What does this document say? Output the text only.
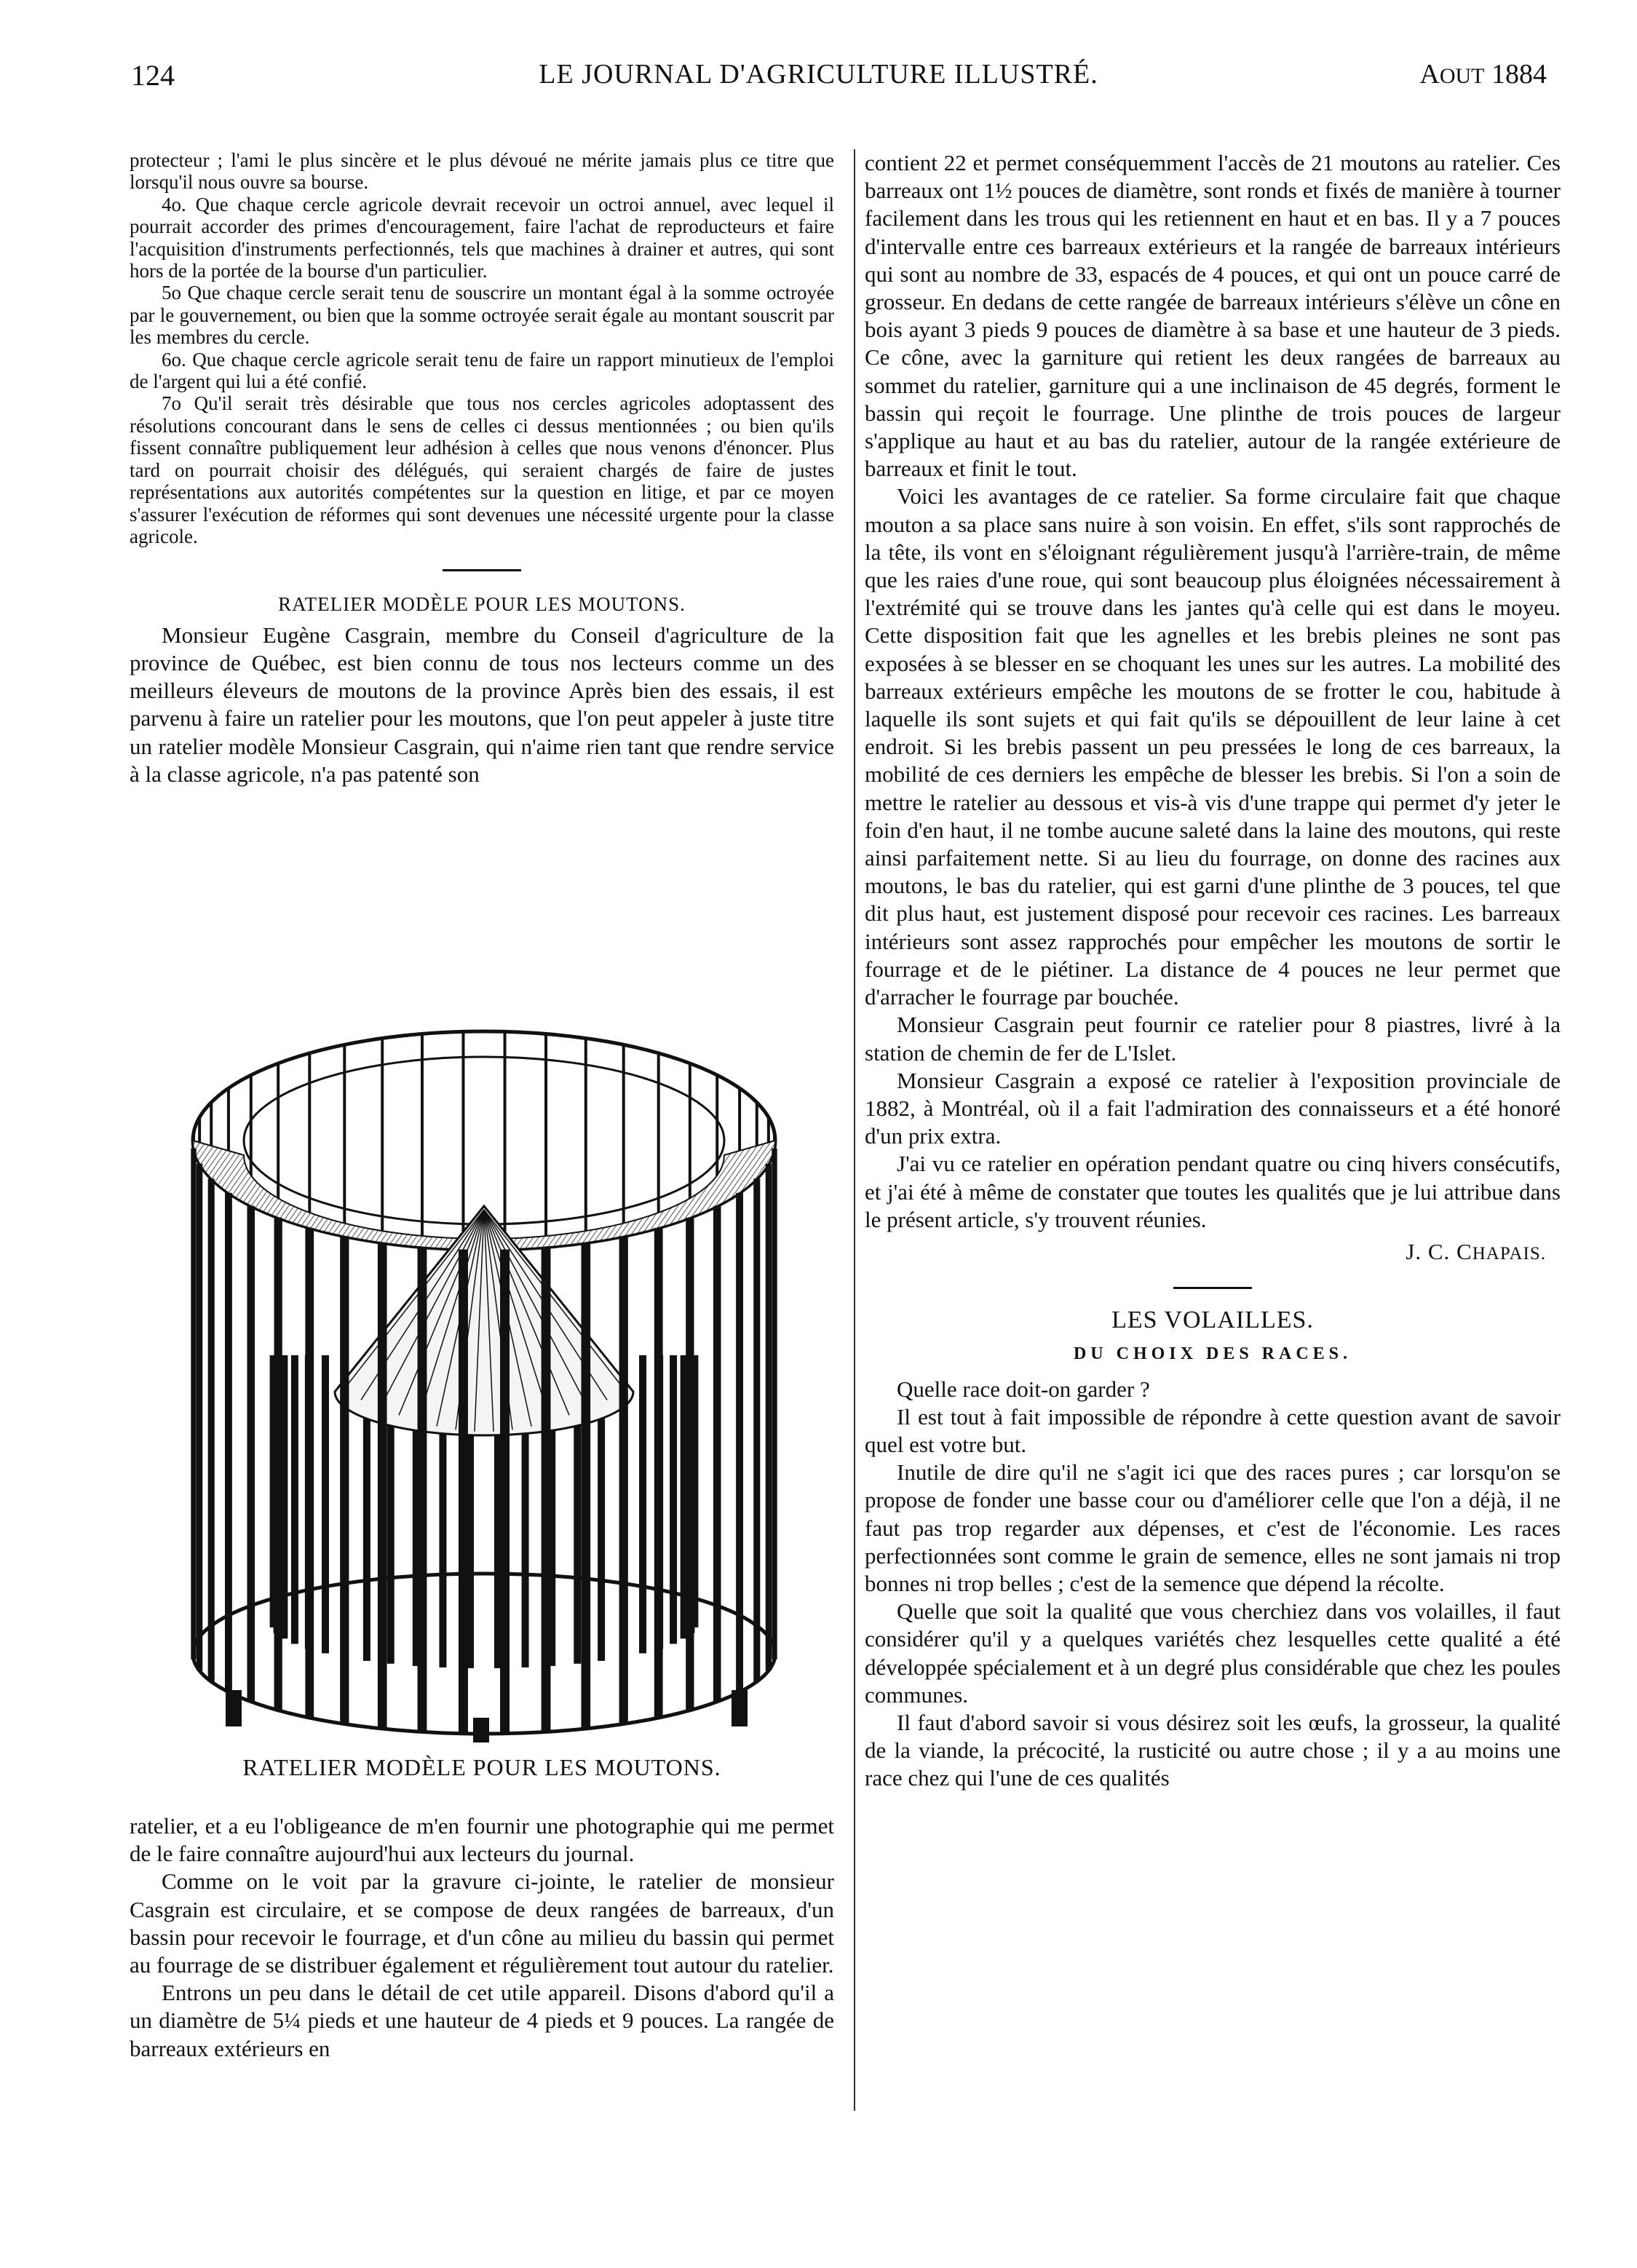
124	LE JOURNAL D'AGRICULTURE ILLUSTRÉ.	AOUT 1884

protecteur ; l'ami le plus sincère et le plus dévoué ne mérite jamais plus ce titre que lorsqu'il nous ouvre sa bourse.

4o. Que chaque cercle agricole devrait recevoir un octroi annuel, avec lequel il pourrait accorder des primes d'encouragement, faire l'achat de reproducteurs et faire l'acquisition d'instruments perfectionnés, tels que machines à drainer et autres, qui sont hors de la portée de la bourse d'un particulier.

5o Que chaque cercle serait tenu de souscrire un montant égal à la somme octroyée par le gouvernement, ou bien que la somme octroyée serait égale au montant souscrit par les membres du cercle.

6o. Que chaque cercle agricole serait tenu de faire un rapport minutieux de l'emploi de l'argent qui lui a été confié.

7o Qu'il serait très désirable que tous nos cercles agricoles adoptassent des résolutions concourant dans le sens de celles ci dessus mentionnées ; ou bien qu'ils fissent connaître publiquement leur adhésion à celles que nous venons d'énoncer. Plus tard on pourrait choisir des délégués, qui seraient chargés de faire de justes représentations aux autorités compétentes sur la question en litige, et par ce moyen s'assurer l'exécution de réformes qui sont devenues une nécessité urgente pour la classe agricole.

RATELIER MODÈLE POUR LES MOUTONS.

Monsieur Eugène Casgrain, membre du Conseil d'agriculture de la province de Québec, est bien connu de tous nos lecteurs comme un des meilleurs éleveurs de moutons de la province Après bien des essais, il est parvenu à faire un ratelier pour les moutons, que l'on peut appeler à juste titre un ratelier modèle Monsieur Casgrain, qui n'aime rien tant que rendre service à la classe agricole, n'a pas patenté son

RATELIER MODÈLE POUR LES MOUTONS.

ratelier, et a eu l'obligeance de m'en fournir une photographie qui me permet de le faire connaître aujourd'hui aux lecteurs du journal.

Comme on le voit par la gravure ci-jointe, le ratelier de monsieur Casgrain est circulaire, et se compose de deux rangées de barreaux, d'un bassin pour recevoir le fourrage, et d'un cône au milieu du bassin qui permet au fourrage de se distribuer également et régulièrement tout autour du ratelier.

Entrons un peu dans le détail de cet utile appareil. Disons d'abord qu'il a un diamètre de 5¼ pieds et une hauteur de 4 pieds et 9 pouces. La rangée de barreaux extérieurs en

contient 22 et permet conséquemment l'accès de 21 moutons au ratelier. Ces barreaux ont 1½ pouces de diamètre, sont ronds et fixés de manière à tourner facilement dans les trous qui les retiennent en haut et en bas. Il y a 7 pouces d'intervalle entre ces barreaux extérieurs et la rangée de barreaux intérieurs qui sont au nombre de 33, espacés de 4 pouces, et qui ont un pouce carré de grosseur. En dedans de cette rangée de barreaux intérieurs s'élève un cône en bois ayant 3 pieds 9 pouces de diamètre à sa base et une hauteur de 3 pieds. Ce cône, avec la garniture qui retient les deux rangées de barreaux au sommet du ratelier, garniture qui a une inclinaison de 45 degrés, forment le bassin qui reçoit le fourrage. Une plinthe de trois pouces de largeur s'applique au haut et au bas du ratelier, autour de la rangée extérieure de barreaux et finit le tout.

Voici les avantages de ce ratelier. Sa forme circulaire fait que chaque mouton a sa place sans nuire à son voisin. En effet, s'ils sont rapprochés de la tête, ils vont en s'éloignant régulièrement jusqu'à l'arrière-train, de même que les raies d'une roue, qui sont beaucoup plus éloignées nécessairement à l'extrémité qui se trouve dans les jantes qu'à celle qui est dans le moyeu. Cette disposition fait que les agnelles et les brebis pleines ne sont pas exposées à se blesser en se choquant les unes sur les autres. La mobilité des barreaux extérieurs empêche les moutons de se frotter le cou, habitude à laquelle ils sont sujets et qui fait qu'ils se dépouillent de leur laine à cet endroit. Si les brebis passent un peu pressées le long de ces barreaux, la mobilité de ces derniers les empêche de blesser les brebis. Si l'on a soin de mettre le ratelier au dessous et vis-à vis d'une trappe qui permet d'y jeter le foin d'en haut, il ne tombe aucune saleté dans la laine des moutons, qui reste ainsi parfaitement nette. Si au lieu du fourrage, on donne des racines aux moutons, le bas du ratelier, qui est garni d'une plinthe de 3 pouces, tel que dit plus haut, est justement disposé pour recevoir ces racines. Les barreaux intérieurs sont assez rapprochés pour empêcher les moutons de sortir le fourrage et de le piétiner. La distance de 4 pouces ne leur permet que d'arracher le fourrage par bouchée.

Monsieur Casgrain peut fournir ce ratelier pour 8 piastres, livré à la station de chemin de fer de L'Islet.

Monsieur Casgrain a exposé ce ratelier à l'exposition provinciale de 1882, à Montréal, où il a fait l'admiration des connaisseurs et a été honoré d'un prix extra.

J'ai vu ce ratelier en opération pendant quatre ou cinq hivers consécutifs, et j'ai été à même de constater que toutes les qualités que je lui attribue dans le présent article, s'y trouvent réunies.

J. C. CHAPAIS.

LES VOLAILLES.

DU CHOIX DES RACES.

Quelle race doit-on garder ?

Il est tout à fait impossible de répondre à cette question avant de savoir quel est votre but.

Inutile de dire qu'il ne s'agit ici que des races pures ; car lorsqu'on se propose de fonder une basse cour ou d'améliorer celle que l'on a déjà, il ne faut pas trop regarder aux dépenses, et c'est de l'économie. Les races perfectionnées sont comme le grain de semence, elles ne sont jamais ni trop bonnes ni trop belles ; c'est de la semence que dépend la récolte.

Quelle que soit la qualité que vous cherchiez dans vos volailles, il faut considérer qu'il y a quelques variétés chez lesquelles cette qualité a été développée spécialement et à un degré plus considérable que chez les poules communes.

Il faut d'abord savoir si vous désirez soit les œufs, la grosseur, la qualité de la viande, la précocité, la rusticité ou autre chose ; il y a au moins une race chez qui l'une de ces qualités
